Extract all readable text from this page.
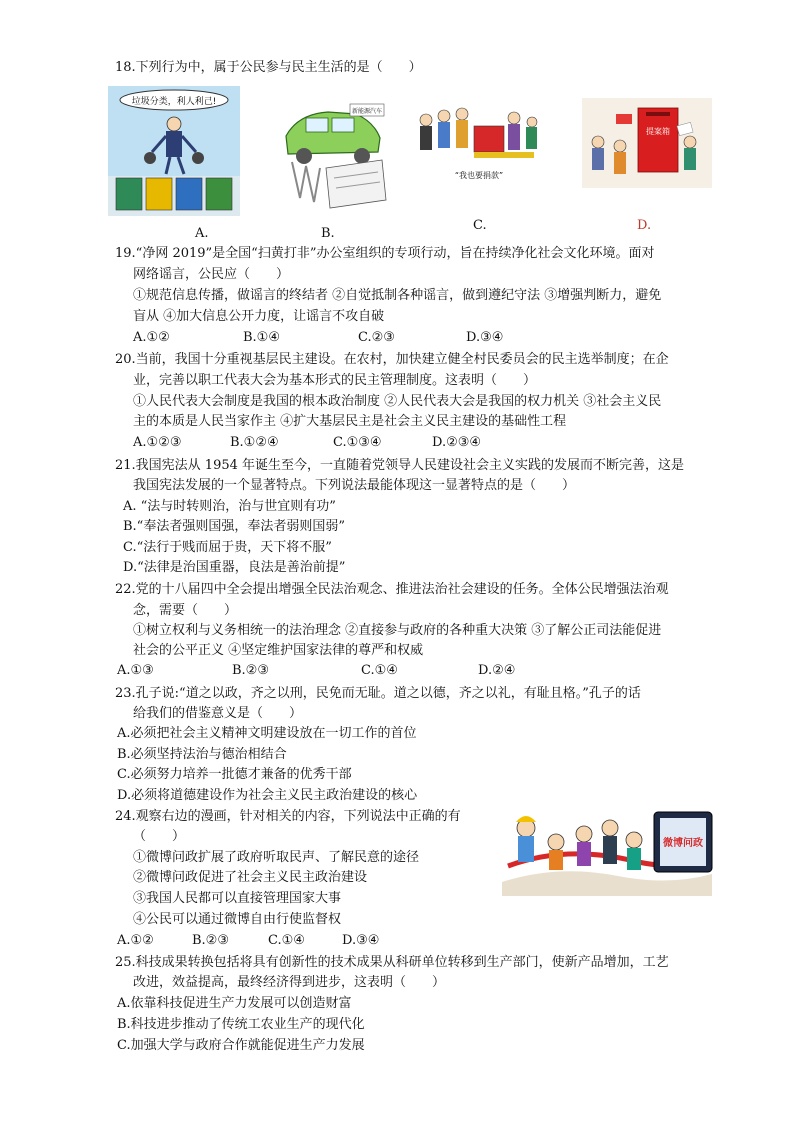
18.下列行为中，属于公民参与民主生活的是（　　）
垃圾分类，利人利己!
A.
新能源汽车
B.
“我也要捐款”
C.
提案箱
D.
19.“净网 2019”是全国“扫黄打非”办公室组织的专项行动，旨在持续净化社会文化环境。面对
网络谣言，公民应（　　）
①规范信息传播，做谣言的终结者 ②自觉抵制各种谣言，做到遵纪守法 ③增强判断力，避免
盲从 ④加大信息公开力度，让谣言不攻自破
A.①②	B.①④	C.②③	D.③④
20.当前，我国十分重视基层民主建设。在农村，加快建立健全村民委员会的民主选举制度；在企
业，完善以职工代表大会为基本形式的民主管理制度。这表明（　　）
①人民代表大会制度是我国的根本政治制度 ②人民代表大会是我国的权力机关 ③社会主义民
主的本质是人民当家作主 ④扩大基层民主是社会主义民主建设的基础性工程
A.①②③	B.①②④	C.①③④	D.②③④
21.我国宪法从 1954 年诞生至今，一直随着党领导人民建设社会主义实践的发展而不断完善，这是
我国宪法发展的一个显著特点。下列说法最能体现这一显著特点的是（　　）
A. “法与时转则治，治与世宜则有功”
B.“奉法者强则国强，奉法者弱则国弱”
C.“法行于贱而屈于贵，天下将不服”
D.“法律是治国重器，良法是善治前提”
22.党的十八届四中全会提出增强全民法治观念、推进法治社会建设的任务。全体公民增强法治观
念，需要（　　）
①树立权利与义务相统一的法治理念 ②直接参与政府的各种重大决策 ③了解公正司法能促进
社会的公平正义 ④坚定维护国家法律的尊严和权威
A.①③	B.②③	C.①④	D.②④
23.孔子说:“道之以政，齐之以刑，民免而无耻。道之以德，齐之以礼，有耻且格。”孔子的话
给我们的借鉴意义是（　　）
A.必须把社会主义精神文明建设放在一切工作的首位
B.必须坚持法治与德治相结合
C.必须努力培养一批德才兼备的优秀干部
D.必须将道德建设作为社会主义民主政治建设的核心
24.观察右边的漫画，针对相关的内容，下列说法中正确的有
（　　）
①微博问政扩展了政府听取民声、了解民意的途径
②微博问政促进了社会主义民主政治建设
③我国人民都可以直接管理国家大事
④公民可以通过微博自由行使监督权
A.①②	B.②③	C.①④	D.③④
微博问政
25.科技成果转换包括将具有创新性的技术成果从科研单位转移到生产部门，使新产品增加，工艺
改进，效益提高，最终经济得到进步，这表明（　　）
A.依靠科技促进生产力发展可以创造财富
B.科技进步推动了传统工农业生产的现代化
C.加强大学与政府合作就能促进生产力发展
